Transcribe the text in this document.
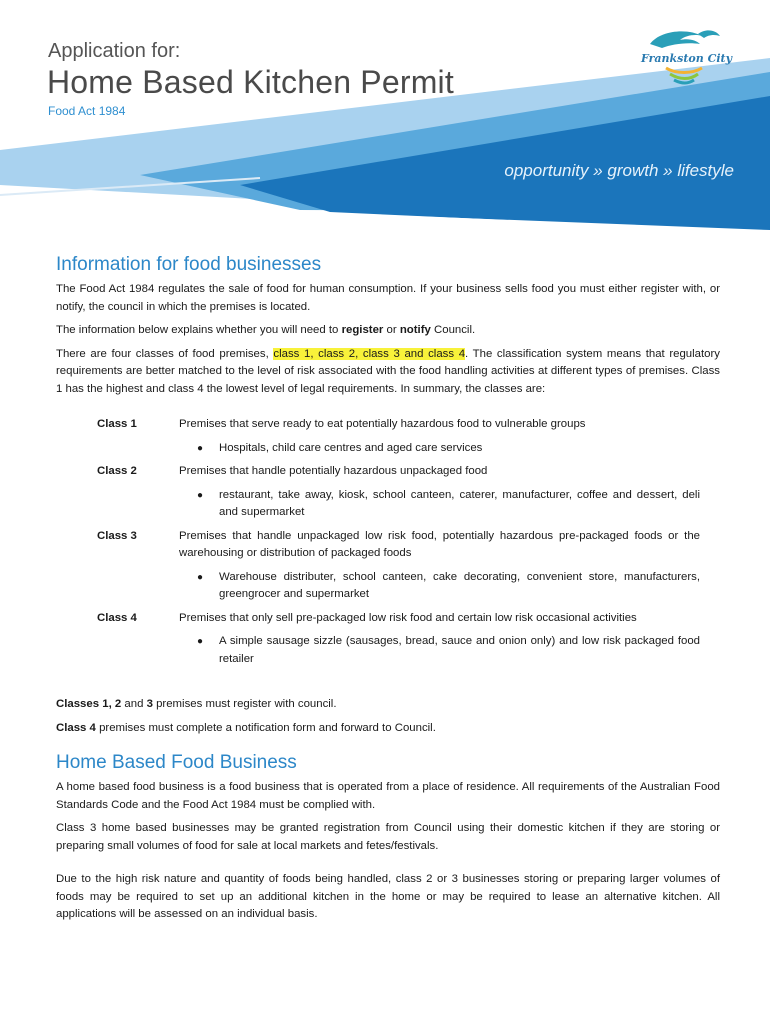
Application for:
Home Based Kitchen Permit
Food Act 1984
opportunity » growth » lifestyle
Frankston City
Information for food businesses

The Food Act 1984 regulates the sale of food for human consumption. If your business sells food you must either register with, or notify, the council in which the premises is located.

The information below explains whether you will need to register or notify Council.

There are four classes of food premises, class 1, class 2, class 3 and class 4. The classification system means that regulatory requirements are better matched to the level of risk associated with the food handling activities at different types of premises. Class 1 has the highest and class 4 the lowest level of legal requirements. In summary, the classes are:

Class 1	Premises that serve ready to eat potentially hazardous food to vulnerable groups
●	Hospitals, child care centres and aged care services
Class 2	Premises that handle potentially hazardous unpackaged food
●	restaurant, take away, kiosk, school canteen, caterer, manufacturer, coffee and dessert, deli and supermarket
Class 3	Premises that handle unpackaged low risk food, potentially hazardous pre-packaged foods or the warehousing or distribution of packaged foods
●	Warehouse distributer, school canteen, cake decorating, convenient store, manufacturers, greengrocer and supermarket
Class 4	Premises that only sell pre-packaged low risk food and certain low risk occasional activities
●	A simple sausage sizzle (sausages, bread, sauce and onion only) and low risk packaged food retailer

Classes 1, 2 and 3 premises must register with council.

Class 4 premises must complete a notification form and forward to Council.

Home Based Food Business

A home based food business is a food business that is operated from a place of residence. All requirements of the Australian Food Standards Code and the Food Act 1984 must be complied with.

Class 3 home based businesses may be granted registration from Council using their domestic kitchen if they are storing or preparing small volumes of food for sale at local markets and fetes/festivals.

Due to the high risk nature and quantity of foods being handled, class 2 or 3 businesses storing or preparing larger volumes of foods may be required to set up an additional kitchen in the home or may be required to lease an alternative kitchen. All applications will be assessed on an individual basis.
